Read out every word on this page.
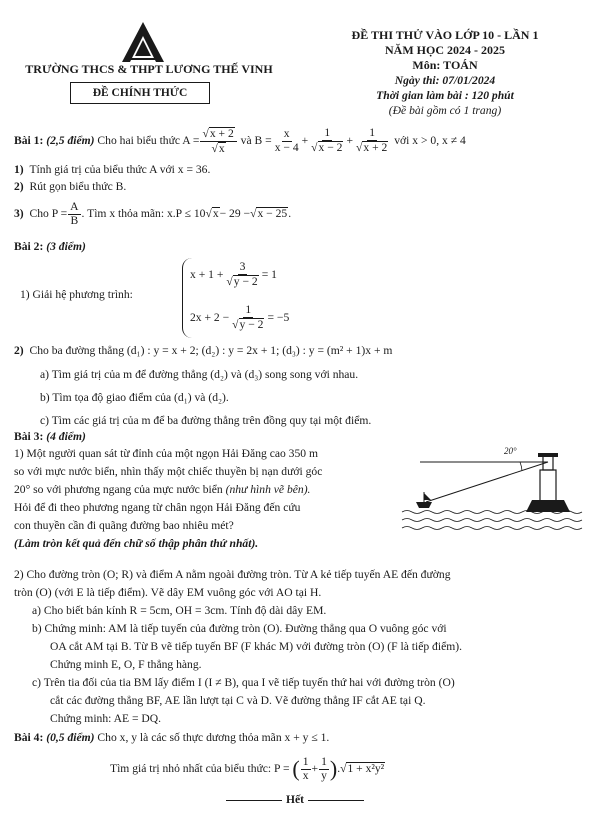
TRƯỜNG THCS & THPT LƯƠNG THẾ VINH
ĐỀ CHÍNH THỨC
ĐỀ THI THỬ VÀO LỚP 10 - LẦN 1
NĂM HỌC 2024 - 2025
Môn: TOÁN
Ngày thi: 07/01/2024
Thời gian làm bài : 120 phút
(Đề bài gồm có 1 trang)
Bài 1:
(2,5 điểm)
Cho hai biểu thức $A = \frac{√x + 2}{√x}$
và $B = \frac{x}{x - 4} + \frac{1}{√x - 2} + \frac{1}{√x + 2}$
với x > 0, x ≠ 4
1) Tính giá trị của biểu thức A với x = 36.
2) Rút gọn biểu thức B.
3)
Cho $P = \frac{A}{B}$ . Tìm x thỏa mãn: x.P ≤ 10 √ x − 29 − √ x − 25 .
Bài 2: (3 điểm)
1) Giải hệ phương trình:
$x + 1 + \frac{3}{√y - 2} = 1$
$2x + 2 - \frac{1}{√y - 2} = -5$
2) Cho ba đường thẳng (d₁) : y = x + 2; (d₂) : y = 2x + 1; (d₃) : y = (m² + 1)x + m
a) Tìm giá trị của m để đường thẳng (d₂) và (d₃) song song với nhau.
b) Tìm tọa độ giao điểm của (d₁) và (d₂).
c) Tìm các giá trị của m để ba đường thẳng trên đồng quy tại một điểm.
Bài 3: (4 điểm)
1) Một người quan sát từ đỉnh của một ngọn Hải Đăng cao 350 m
so với mực nước biển, nhìn thấy một chiếc thuyền bị nạn dưới góc
20° so với phương ngang của mực nước biển (như hình vẽ bên).
Hỏi để đi theo phương ngang từ chân ngọn Hải Đăng đến cứu
con thuyền cần đi quãng đường bao nhiêu mét?
(Làm tròn kết quả đến chữ số thập phân thứ nhất).
20°
2) Cho đường tròn (O; R) và điểm A nằm ngoài đường tròn. Từ A kẻ tiếp tuyến AE đến đường
tròn (O) (với E là tiếp điểm). Vẽ dây EM vuông góc với AO tại H.
a) Cho biết bán kính R = 5cm, OH = 3cm. Tính độ dài dây EM.
b) Chứng minh: AM là tiếp tuyến của đường tròn (O). Đường thẳng qua O vuông góc với
OA cắt AM tại B. Từ B vẽ tiếp tuyến BF (F khác M) với đường tròn (O) (F là tiếp điểm).
Chứng minh E, O, F thẳng hàng.
c) Trên tia đối của tia BM lấy điểm I (I ≠ B), qua I vẽ tiếp tuyến thứ hai với đường tròn (O)
cắt các đường thẳng BF, AE lần lượt tại C và D. Vẽ đường thẳng IF cắt AE tại Q.
Chứng minh: AE = DQ.
Bài 4: (0,5 điểm) Cho x, y là các số thực dương thỏa mãn x + y ≤ 1.
Tìm giá trị nhỏ nhất của biểu thức: P =
( $\frac{1}{x} + \frac{1}{y}$ ) .√ 1 + x²y²
Hết
